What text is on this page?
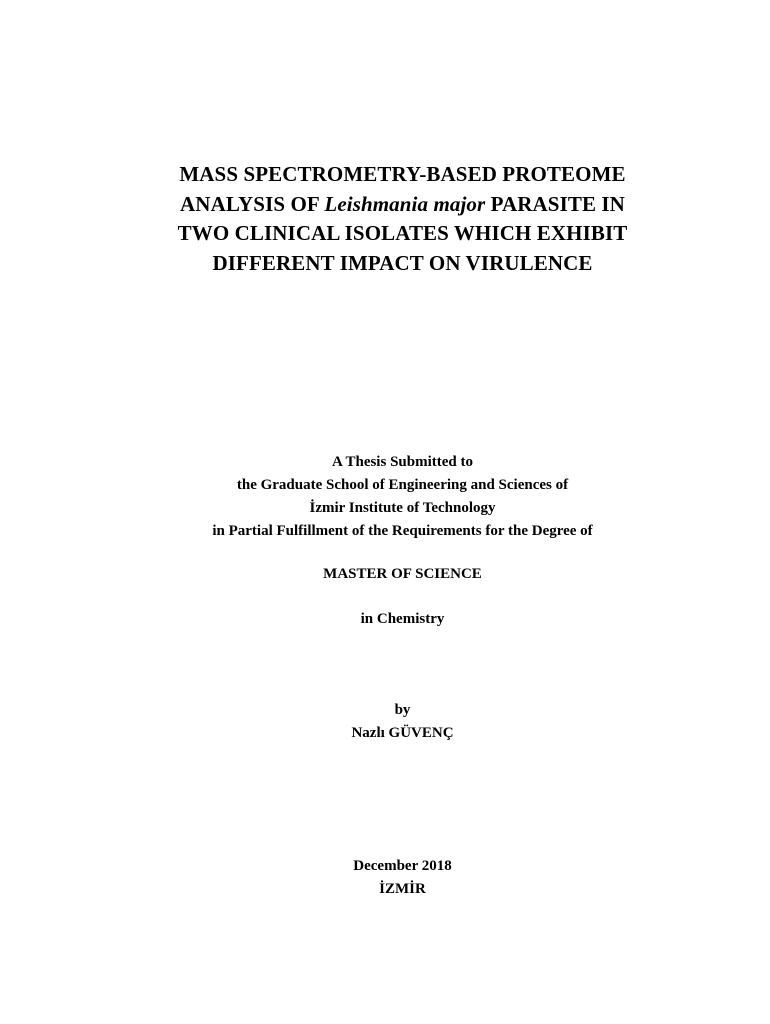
MASS SPECTROMETRY-BASED PROTEOME
ANALYSIS OF Leishmania major PARASITE IN
TWO CLINICAL ISOLATES WHICH EXHIBIT
DIFFERENT IMPACT ON VIRULENCE
A Thesis Submitted to
the Graduate School of Engineering and Sciences of
İzmir Institute of Technology
in Partial Fulfillment of the Requirements for the Degree of
MASTER OF SCIENCE
in Chemistry
by
Nazlı GÜVENÇ
December 2018
İZMİR
